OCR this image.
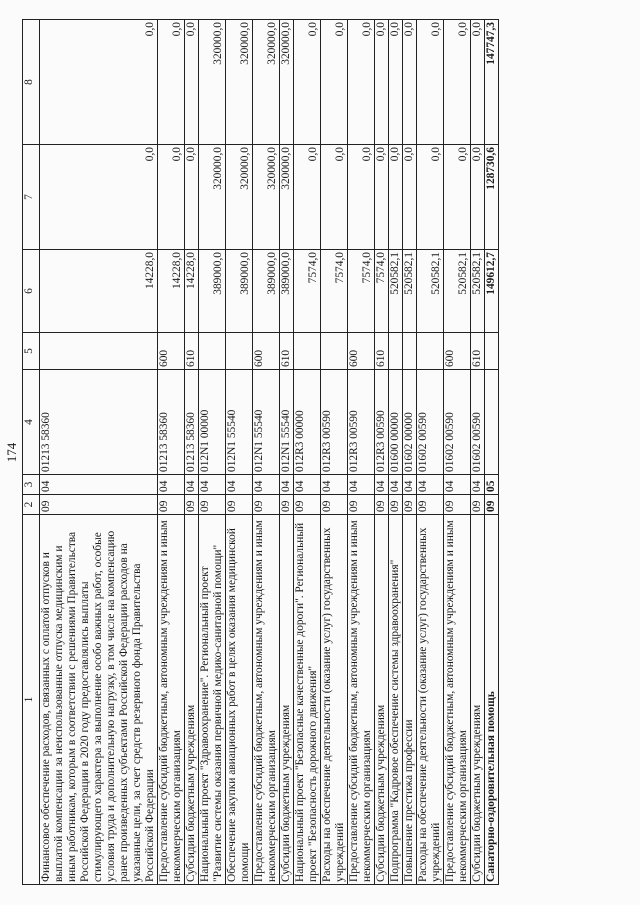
174
1	2	3	4	5	6	7	8
Финансовое обеспечение расходов, связанных с оплатой отпусков и выплатой компенсации за неиспользованные отпуска медицинским и иным работникам, которым в соответствии с решениями Правительства Российской Федерации в 2020 году предоставлялись выплаты стимулирующего характера за выполнение особо важных работ, особые условия труда и дополнительную нагрузку, в том числе на компенсацию ранее произведенных субъектами Российской Федерации расходов на указанные цели, за счет средств резервного фонда Правительства Российской Федерации	09	04	01213 58360		14228,0	0,0	0,0
Предоставление субсидий бюджетным, автономным учреждениям и иным некоммерческим организациям	09	04	01213 58360	600	14228,0	0,0	0,0
Субсидии бюджетным учреждениям	09	04	01213 58360	610	14228,0	0,0	0,0
Национальный проект "Здравоохранение". Региональный проект "Развитие системы оказания первичной медико-санитарной помощи"	09	04	012N1 00000		389000,0	320000,0	320000,0
Обеспечение закупки авиационных работ в целях оказания медицинской помощи	09	04	012N1 55540		389000,0	320000,0	320000,0
Предоставление субсидий бюджетным, автономным учреждениям и иным некоммерческим организациям	09	04	012N1 55540	600	389000,0	320000,0	320000,0
Субсидии бюджетным учреждениям	09	04	012N1 55540	610	389000,0	320000,0	320000,0
Национальный проект "Безопасные качественные дороги". Региональный проект "Безопасность дорожного движения"	09	04	012R3 00000		7574,0	0,0	0,0
Расходы на обеспечение деятельности (оказание услуг) государственных учреждений	09	04	012R3 00590		7574,0	0,0	0,0
Предоставление субсидий бюджетным, автономным учреждениям и иным некоммерческим организациям	09	04	012R3 00590	600	7574,0	0,0	0,0
Субсидии бюджетным учреждениям	09	04	012R3 00590	610	7574,0	0,0	0,0
Подпрограмма "Кадровое обеспечение системы здравоохранения"	09	04	01600 00000		520582,1	0,0	0,0
Повышение престижа профессии	09	04	01602 00000		520582,1	0,0	0,0
Расходы на обеспечение деятельности (оказание услуг) государственных учреждений	09	04	01602 00590		520582,1	0,0	0,0
Предоставление субсидий бюджетным, автономным учреждениям и иным некоммерческим организациям	09	04	01602 00590	600	520582,1	0,0	0,0
Субсидии бюджетным учреждениям	09	04	01602 00590	610	520582,1	0,0	0,0
Санаторно-оздоровительная помощь	09	05			149612,7	128730,6	147747,3
